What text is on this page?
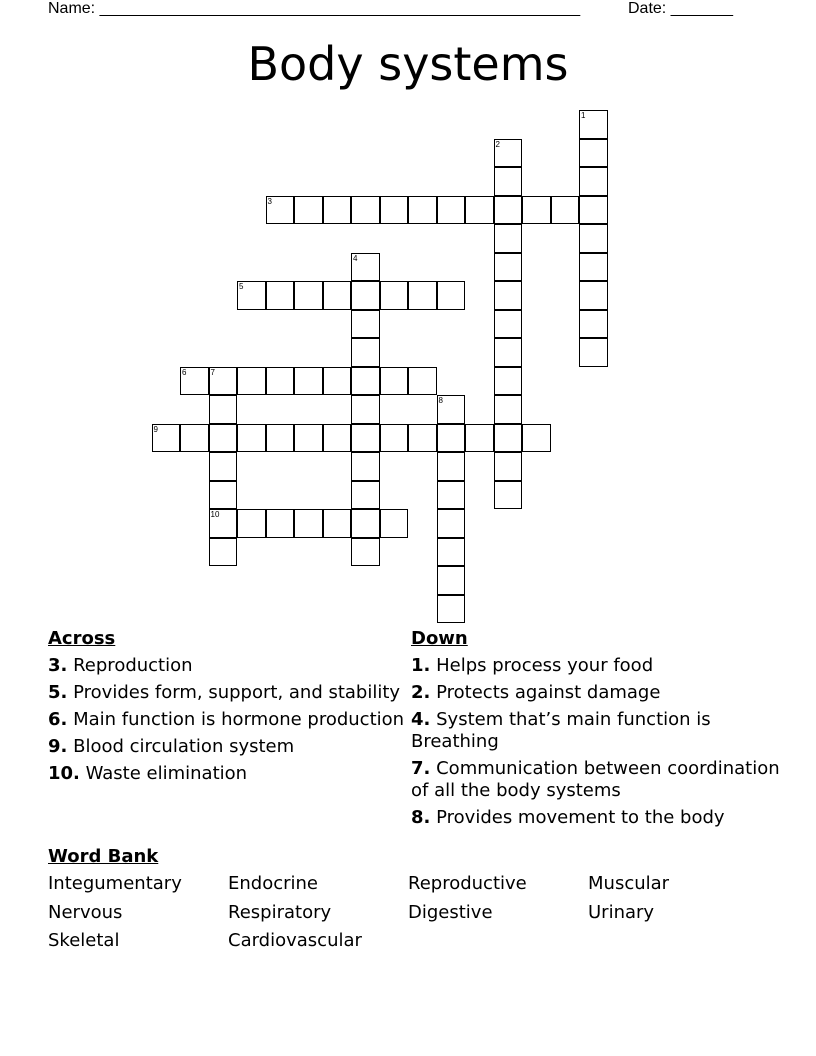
Name: ______________________________________________________	Date: _______
Body systems
1
2
3
4
5
6	7
10
8
9
Across
3. Reproduction
5. Provides form, support, and stability
6. Main function is hormone production
9. Blood circulation system
10. Waste elimination
Down
1. Helps process your food
2. Protects against damage
4. System that’s main function is Breathing
7. Communication between coordination of all the body systems
8. Provides movement to the body
Word Bank
Integumentary	Endocrine	Reproductive	Muscular
Nervous	Respiratory	Digestive	Urinary
Skeletal	Cardiovascular
